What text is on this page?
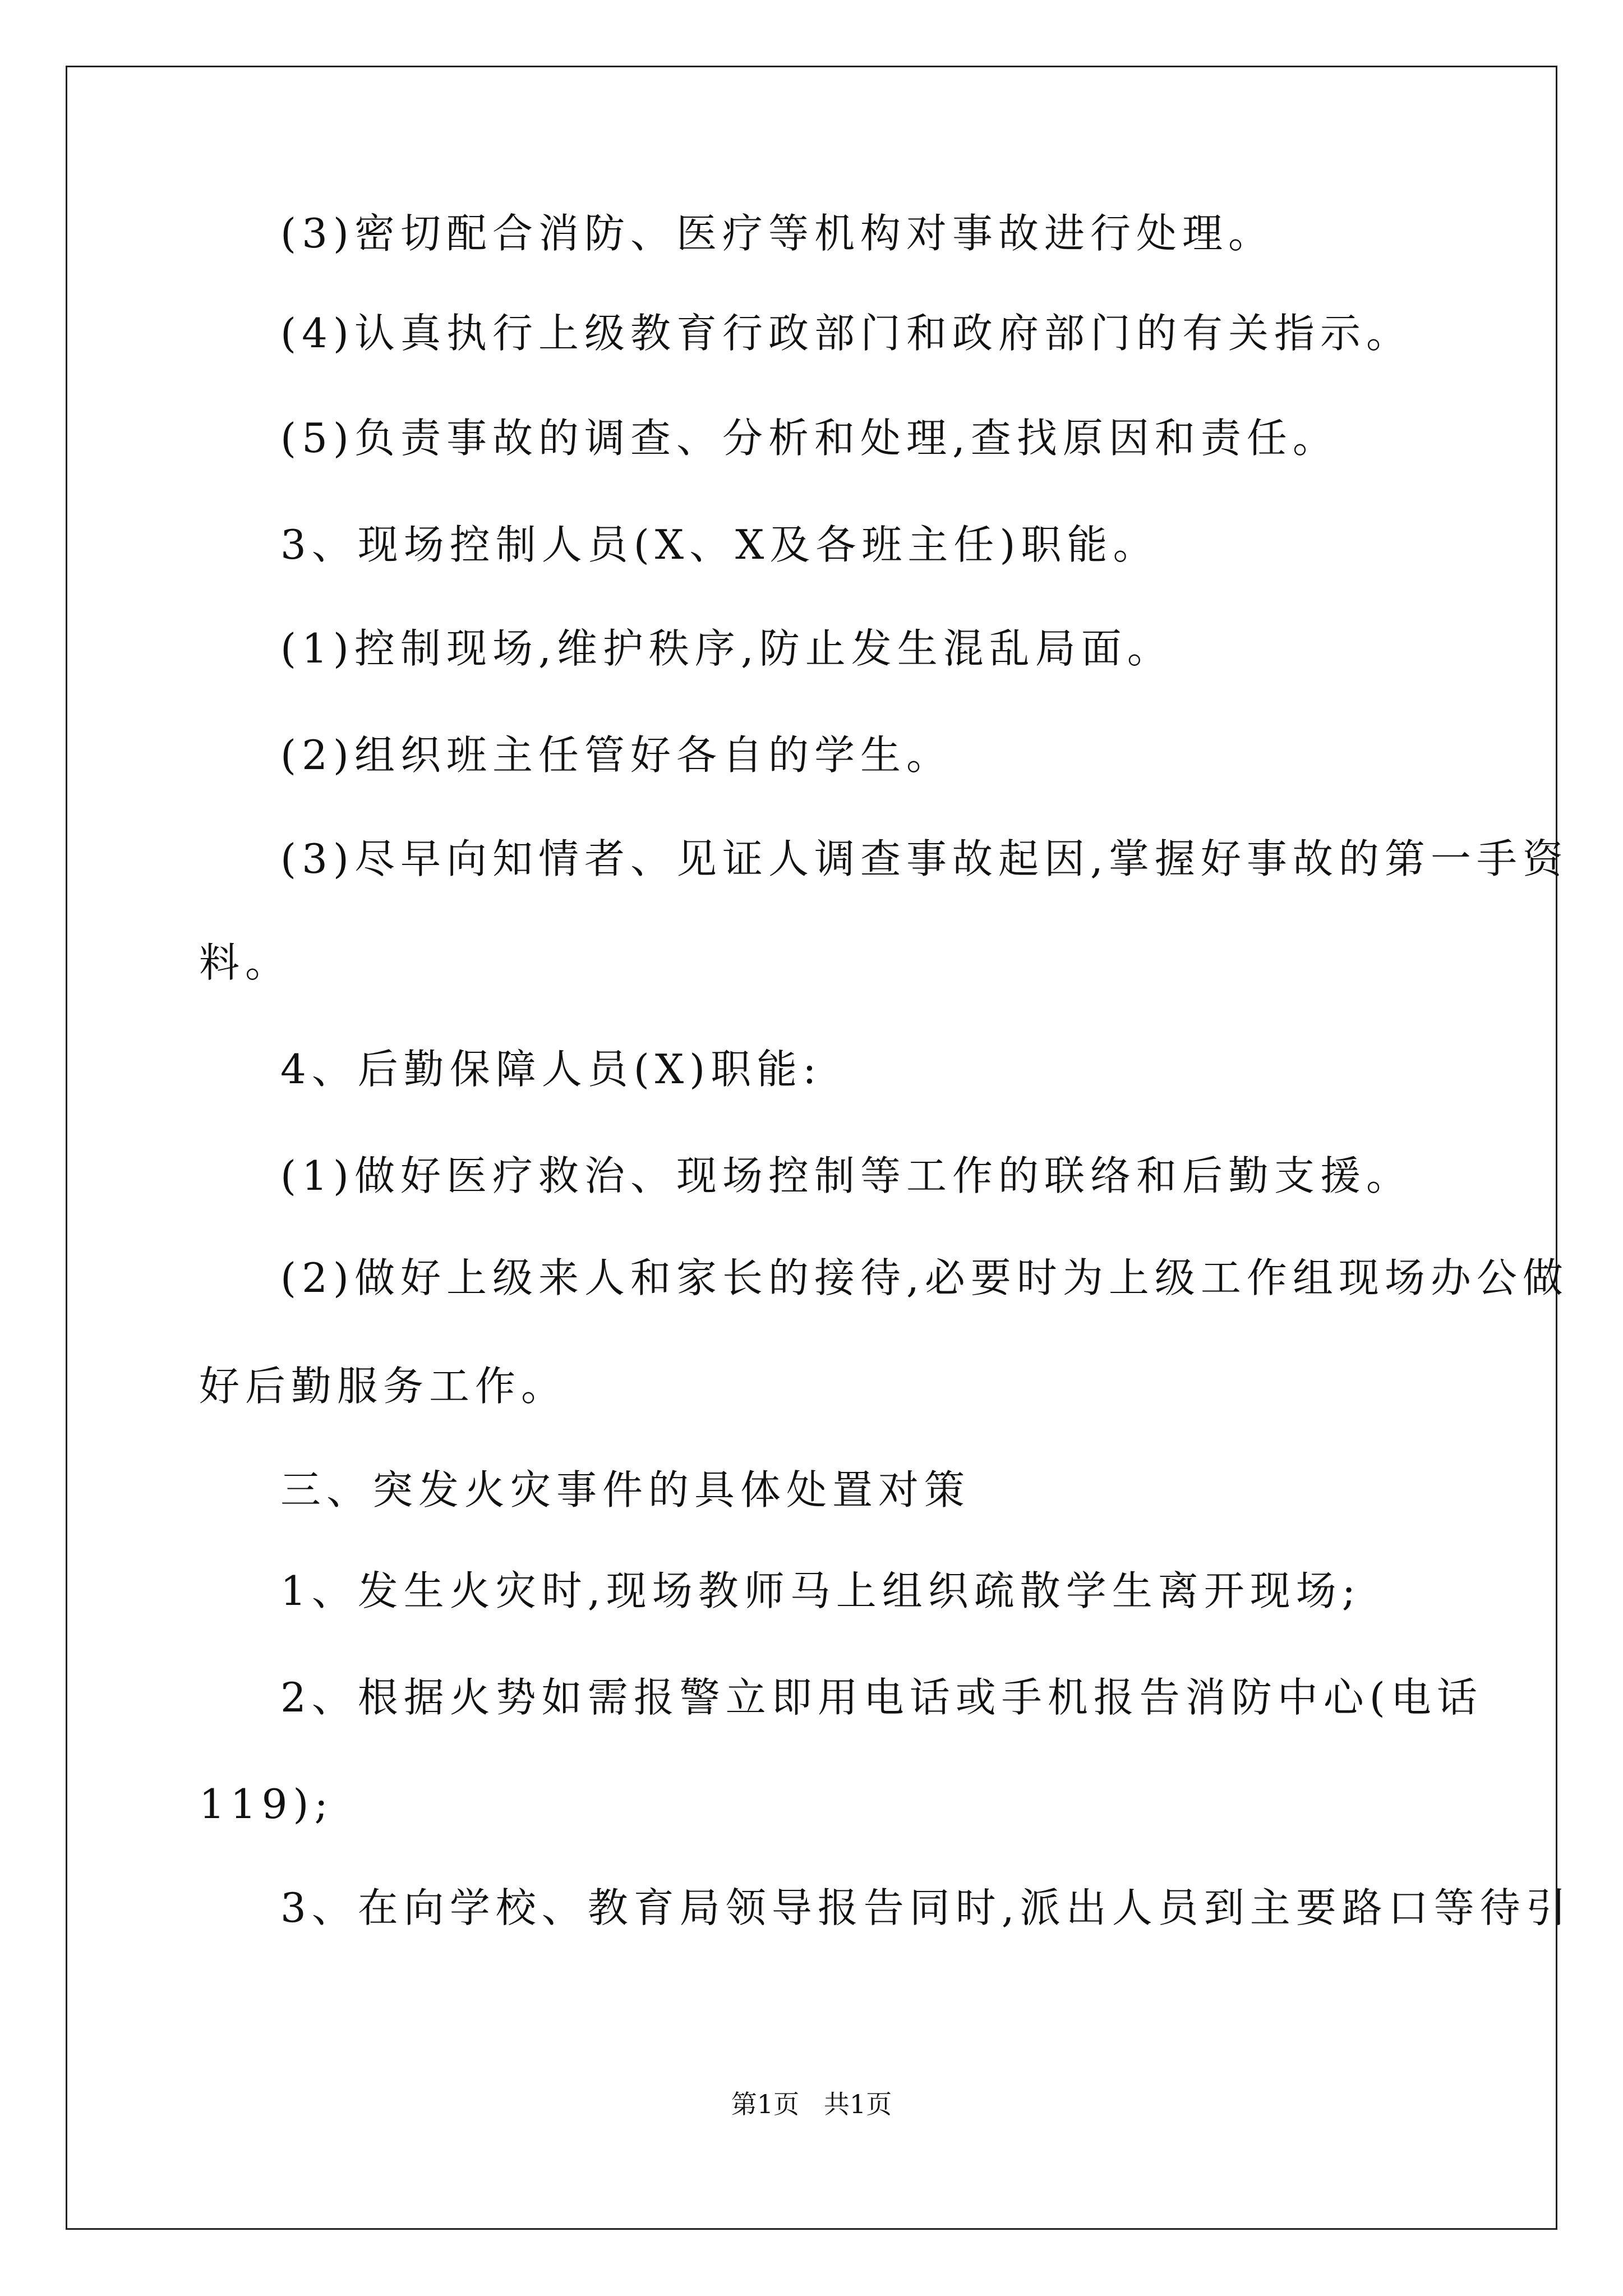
(3)密切配合消防、医疗等机构对事故进行处理。

(4)认真执行上级教育行政部门和政府部门的有关指示。

(5)负责事故的调查、分析和处理,查找原因和责任。

3、现场控制人员(X、X及各班主任)职能。

(1)控制现场,维护秩序,防止发生混乱局面。

(2)组织班主任管好各自的学生。

(3)尽早向知情者、见证人调查事故起因,掌握好事故的第一手资

料。

4、后勤保障人员(X)职能:

(1)做好医疗救治、现场控制等工作的联络和后勤支援。

(2)做好上级来人和家长的接待,必要时为上级工作组现场办公做

好后勤服务工作。

三、突发火灾事件的具体处置对策

1、发生火灾时,现场教师马上组织疏散学生离开现场;

2、根据火势如需报警立即用电话或手机报告消防中心(电话

119);

3、在向学校、教育局领导报告同时,派出人员到主要路口等待引

第1页   共1页
